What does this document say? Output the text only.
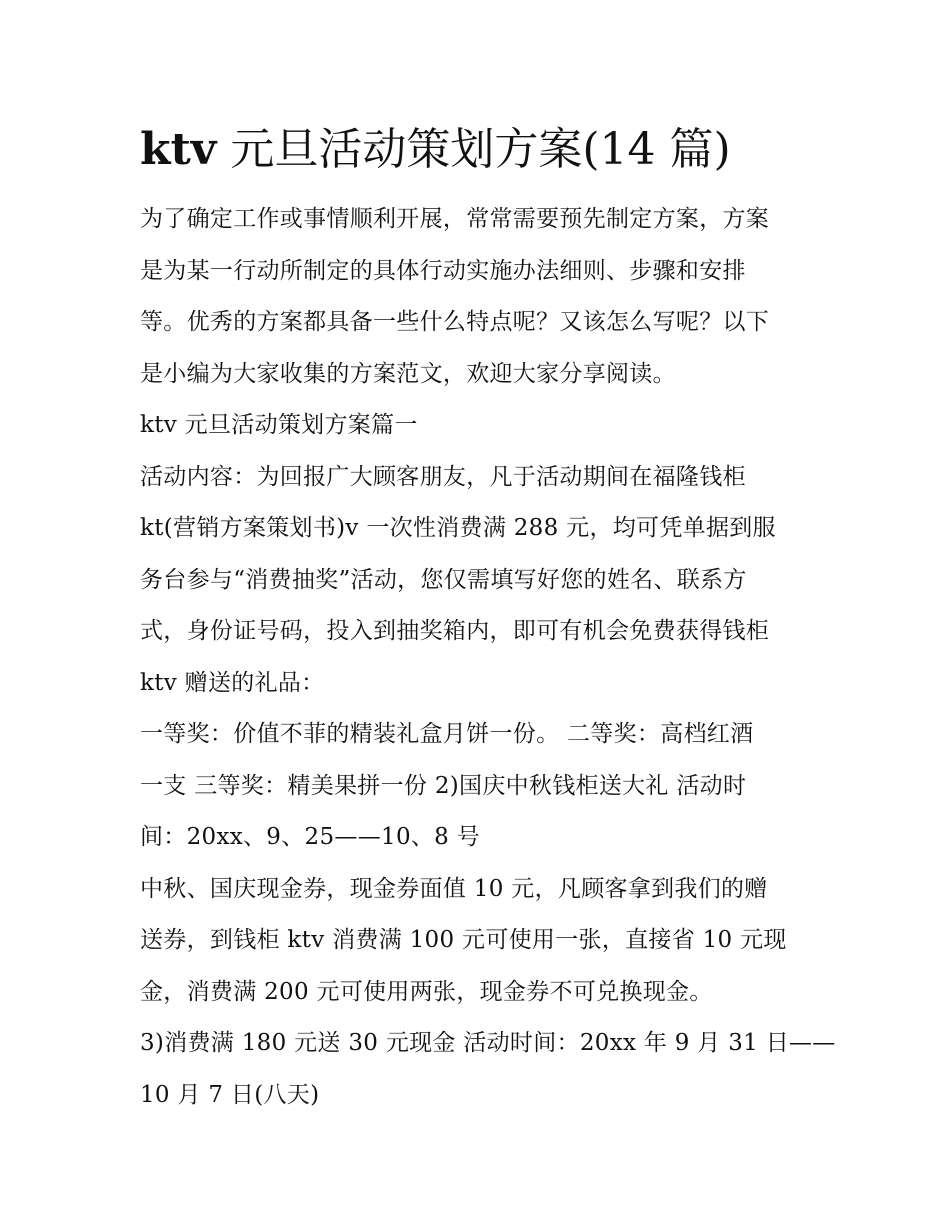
ktv 元旦活动策划方案(14 篇)

为了确定工作或事情顺利开展，常常需要预先制定方案，方案
是为某一行动所制定的具体行动实施办法细则、步骤和安排
等。优秀的方案都具备一些什么特点呢？又该怎么写呢？以下
是小编为大家收集的方案范文，欢迎大家分享阅读。

ktv 元旦活动策划方案篇一

活动内容：为回报广大顾客朋友，凡于活动期间在福隆钱柜
kt(营销方案策划书)v 一次性消费满 288 元，均可凭单据到服
务台参与“消费抽奖”活动，您仅需填写好您的姓名、联系方
式，身份证号码，投入到抽奖箱内，即可有机会免费获得钱柜
ktv 赠送的礼品：

一等奖：价值不菲的精装礼盒月饼一份。 二等奖：高档红酒
一支 三等奖：精美果拼一份 2)国庆中秋钱柜送大礼 活动时
间：20xx、9、25——10、8 号

中秋、国庆现金券，现金券面值 10 元，凡顾客拿到我们的赠
送券，到钱柜 ktv 消费满 100 元可使用一张，直接省 10 元现
金，消费满 200 元可使用两张，现金券不可兑换现金。

3)消费满 180 元送 30 元现金 活动时间：20xx 年 9 月 31 日——
10 月 7 日(八天)
